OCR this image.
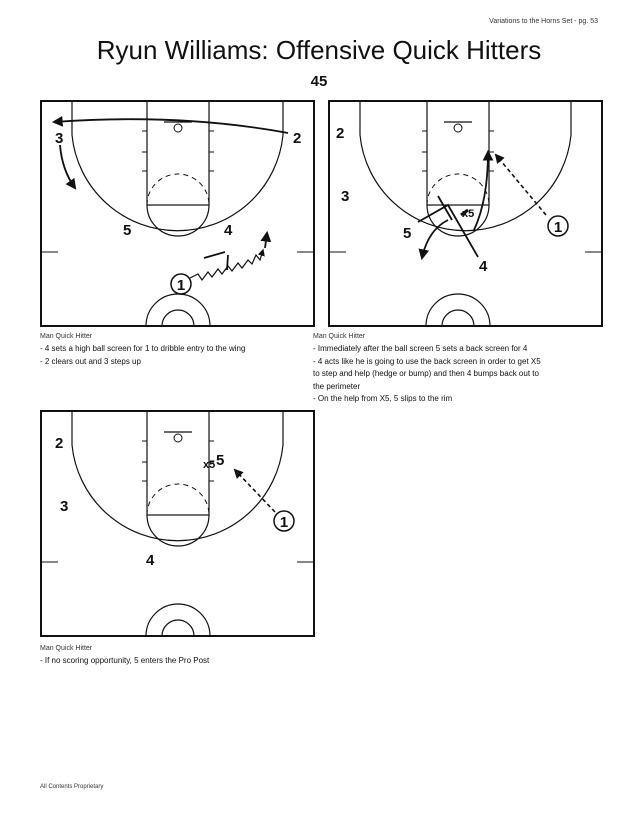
Variations to the Horns Set - pg. 53
Ryun Williams: Offensive Quick Hitters
45
1
2
3
4
5
Man Quick Hitter
- 4 sets a high ball screen for 1 to dribble entry to the wing
- 2 clears out and 3 steps up
1
2
3
4
5
x5
Man Quick Hitter
- Immediately after the ball screen 5 sets a back screen for 4
- 4 acts like he is going to use the back screen in order to get X5
to step and help (hedge or bump) and then 4 bumps back out to
the perimeter
- On the help from X5, 5 slips to the rim
1
2
3
4
5
x5
Man Quick Hitter
- If no scoring opportunity, 5 enters the Pro Post
All Contents Proprietary
